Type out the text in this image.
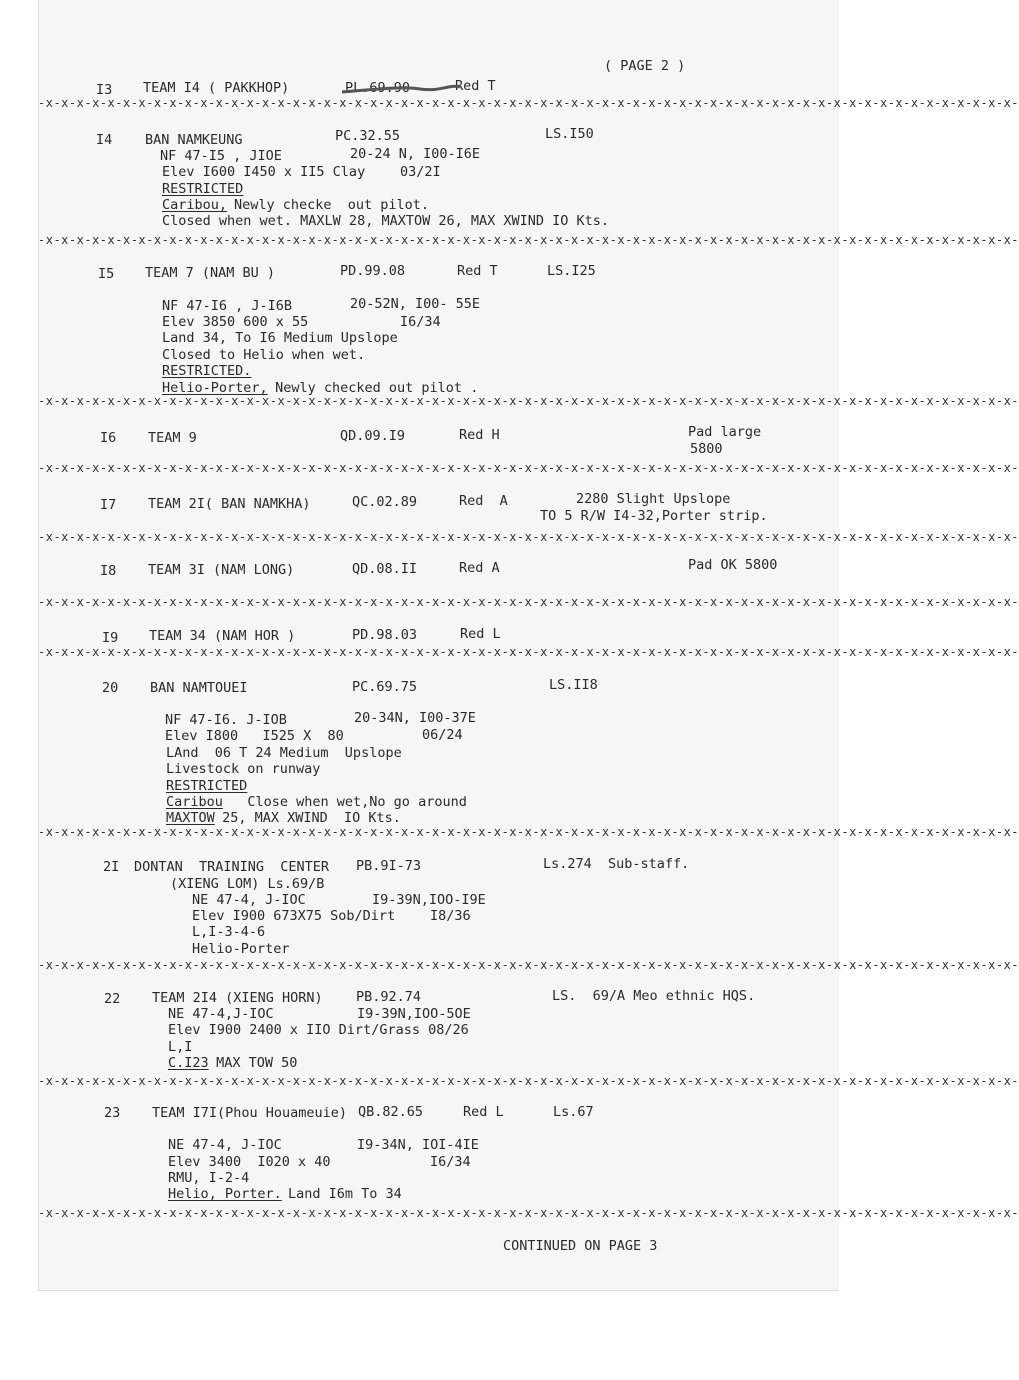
( PAGE 2 )
I3 TEAM I4 ( PAKKHOP)	PL.69.90	Red T
-x-x-x-x-x-x-x-x-x-x-x-x-x-x-x-x-x-x-x-x-x-x-x-x-x-x-x-x-x-x-x-x-x-x-x-x-x-x-x-x-x-x-x-x-x-x-x-x-x-x-x-x-x-x-x-x-x-x-x-x-x-x-x-
I4 BAN NAMKEUNG	PC.32.55	LS.I50
NF 47-I5 , JIOE	20-24 N, I00-I6E
Elev I600 I450 x II5 Clay	03/2I
RESTRICTED
Caribou, Newly checke  out pilot.
Closed when wet. MAXLW 28, MAXTOW 26, MAX XWIND IO Kts.
-x-x-x-x-x-x-x-x-x-x-x-x-x-x-x-x-x-x-x-x-x-x-x-x-x-x-x-x-x-x-x-x-x-x-x-x-x-x-x-x-x-x-x-x-x-x-x-x-x-x-x-x-x-x-x-x-x-x-x-x-x-x-x-
I5 TEAM 7 (NAM BU )	PD.99.08	Red T	LS.I25
NF 47-I6 , J-I6B	20-52N, I00- 55E
Elev 3850 600 x 55	I6/34
Land 34, To I6 Medium Upslope
Closed to Helio when wet.
RESTRICTED.
Helio-Porter, Newly checked out pilot .
-x-x-x-x-x-x-x-x-x-x-x-x-x-x-x-x-x-x-x-x-x-x-x-x-x-x-x-x-x-x-x-x-x-x-x-x-x-x-x-x-x-x-x-x-x-x-x-x-x-x-x-x-x-x-x-x-x-x-x-x-x-x-x-
I6 TEAM 9	QD.09.I9	Red H	Pad large
5800
-x-x-x-x-x-x-x-x-x-x-x-x-x-x-x-x-x-x-x-x-x-x-x-x-x-x-x-x-x-x-x-x-x-x-x-x-x-x-x-x-x-x-x-x-x-x-x-x-x-x-x-x-x-x-x-x-x-x-x-x-x-x-x-
I7 TEAM 2I( BAN NAMKHA)	QC.02.89	Red  A	2280 Slight Upslope
TO 5 R/W I4-32,Porter strip.
-x-x-x-x-x-x-x-x-x-x-x-x-x-x-x-x-x-x-x-x-x-x-x-x-x-x-x-x-x-x-x-x-x-x-x-x-x-x-x-x-x-x-x-x-x-x-x-x-x-x-x-x-x-x-x-x-x-x-x-x-x-x-x-
I8 TEAM 3I (NAM LONG)	QD.08.II	Red A	Pad OK 5800
-x-x-x-x-x-x-x-x-x-x-x-x-x-x-x-x-x-x-x-x-x-x-x-x-x-x-x-x-x-x-x-x-x-x-x-x-x-x-x-x-x-x-x-x-x-x-x-x-x-x-x-x-x-x-x-x-x-x-x-x-x-x-x-
I9 TEAM 34 (NAM HOR )	PD.98.03	Red L
-x-x-x-x-x-x-x-x-x-x-x-x-x-x-x-x-x-x-x-x-x-x-x-x-x-x-x-x-x-x-x-x-x-x-x-x-x-x-x-x-x-x-x-x-x-x-x-x-x-x-x-x-x-x-x-x-x-x-x-x-x-x-x-
20 BAN NAMTOUEI	PC.69.75	LS.II8
NF 47-I6. J-IOB	20-34N, I00-37E
Elev I800   I525 X  80	06/24
LAnd  06 T 24 Medium  Upslope
Livestock on runway
RESTRICTED
Caribou Close when wet,No go around
MAXTOW 25, MAX XWIND  IO Kts.
-x-x-x-x-x-x-x-x-x-x-x-x-x-x-x-x-x-x-x-x-x-x-x-x-x-x-x-x-x-x-x-x-x-x-x-x-x-x-x-x-x-x-x-x-x-x-x-x-x-x-x-x-x-x-x-x-x-x-x-x-x-x-x-
2I DONTAN  TRAINING  CENTER PB.9I-73	Ls.274  Sub-staff.
(XIENG LOM) Ls.69/B
NE 47-4, J-IOC	I9-39N,IOO-I9E
Elev I900 673X75 Sob/Dirt	I8/36
L,I-3-4-6
Helio-Porter
-x-x-x-x-x-x-x-x-x-x-x-x-x-x-x-x-x-x-x-x-x-x-x-x-x-x-x-x-x-x-x-x-x-x-x-x-x-x-x-x-x-x-x-x-x-x-x-x-x-x-x-x-x-x-x-x-x-x-x-x-x-x-x-
22 TEAM 2I4 (XIENG HORN) PB.92.74	LS.  69/A Meo ethnic HQS.
NE 47-4,J-IOC	I9-39N,IOO-5OE
Elev I900 2400 x IIO Dirt/Grass 08/26
L,I
C.I23 MAX TOW 50
-x-x-x-x-x-x-x-x-x-x-x-x-x-x-x-x-x-x-x-x-x-x-x-x-x-x-x-x-x-x-x-x-x-x-x-x-x-x-x-x-x-x-x-x-x-x-x-x-x-x-x-x-x-x-x-x-x-x-x-x-x-x-x-
23 TEAM I7I(Phou Houameuie) QB.82.65	Red L	Ls.67
NE 47-4, J-IOC	I9-34N, IOI-4IE
Elev 3400  I020 x 40	I6/34
RMU, I-2-4
Helio, Porter. Land I6m To 34
-x-x-x-x-x-x-x-x-x-x-x-x-x-x-x-x-x-x-x-x-x-x-x-x-x-x-x-x-x-x-x-x-x-x-x-x-x-x-x-x-x-x-x-x-x-x-x-x-x-x-x-x-x-x-x-x-x-x-x-x-x-x-x-
CONTINUED ON PAGE 3
